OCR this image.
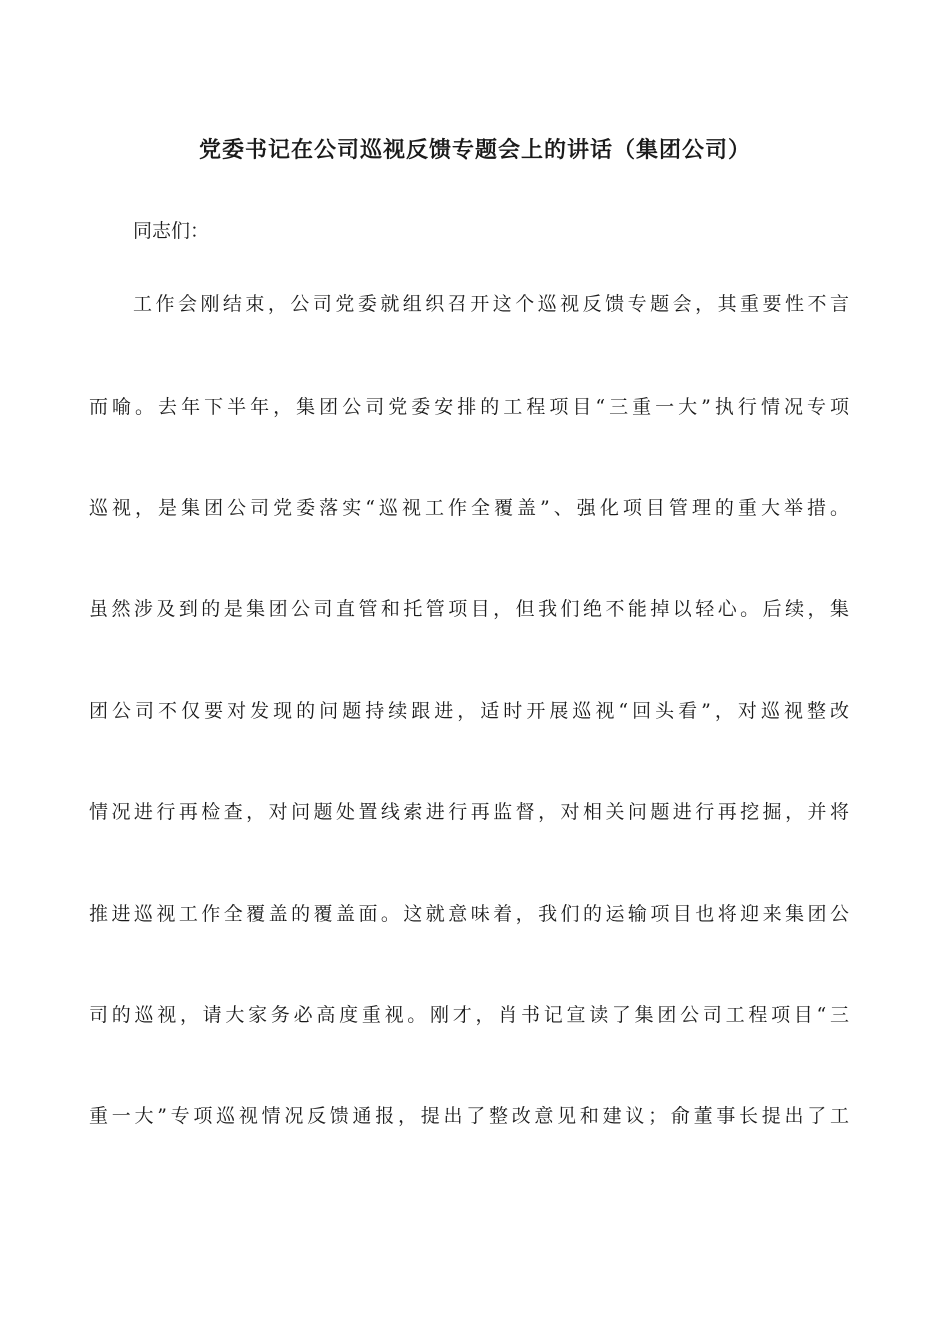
党委书记在公司巡视反馈专题会上的讲话（集团公司）
同志们：
工作会刚结束，公司党委就组织召开这个巡视反馈专题会，其重要性不言
而喻。去年下半年，集团公司党委安排的工程项目“三重一大”执行情况专项
巡视，是集团公司党委落实“巡视工作全覆盖”、强化项目管理的重大举措。
虽然涉及到的是集团公司直管和托管项目，但我们绝不能掉以轻心。后续，集
团公司不仅要对发现的问题持续跟进，适时开展巡视“回头看”，对巡视整改
情况进行再检查，对问题处置线索进行再监督，对相关问题进行再挖掘，并将
推进巡视工作全覆盖的覆盖面。这就意味着，我们的运输项目也将迎来集团公
司的巡视，请大家务必高度重视。刚才，肖书记宣读了集团公司工程项目“三
重一大”专项巡视情况反馈通报，提出了整改意见和建议；俞董事长提出了工
